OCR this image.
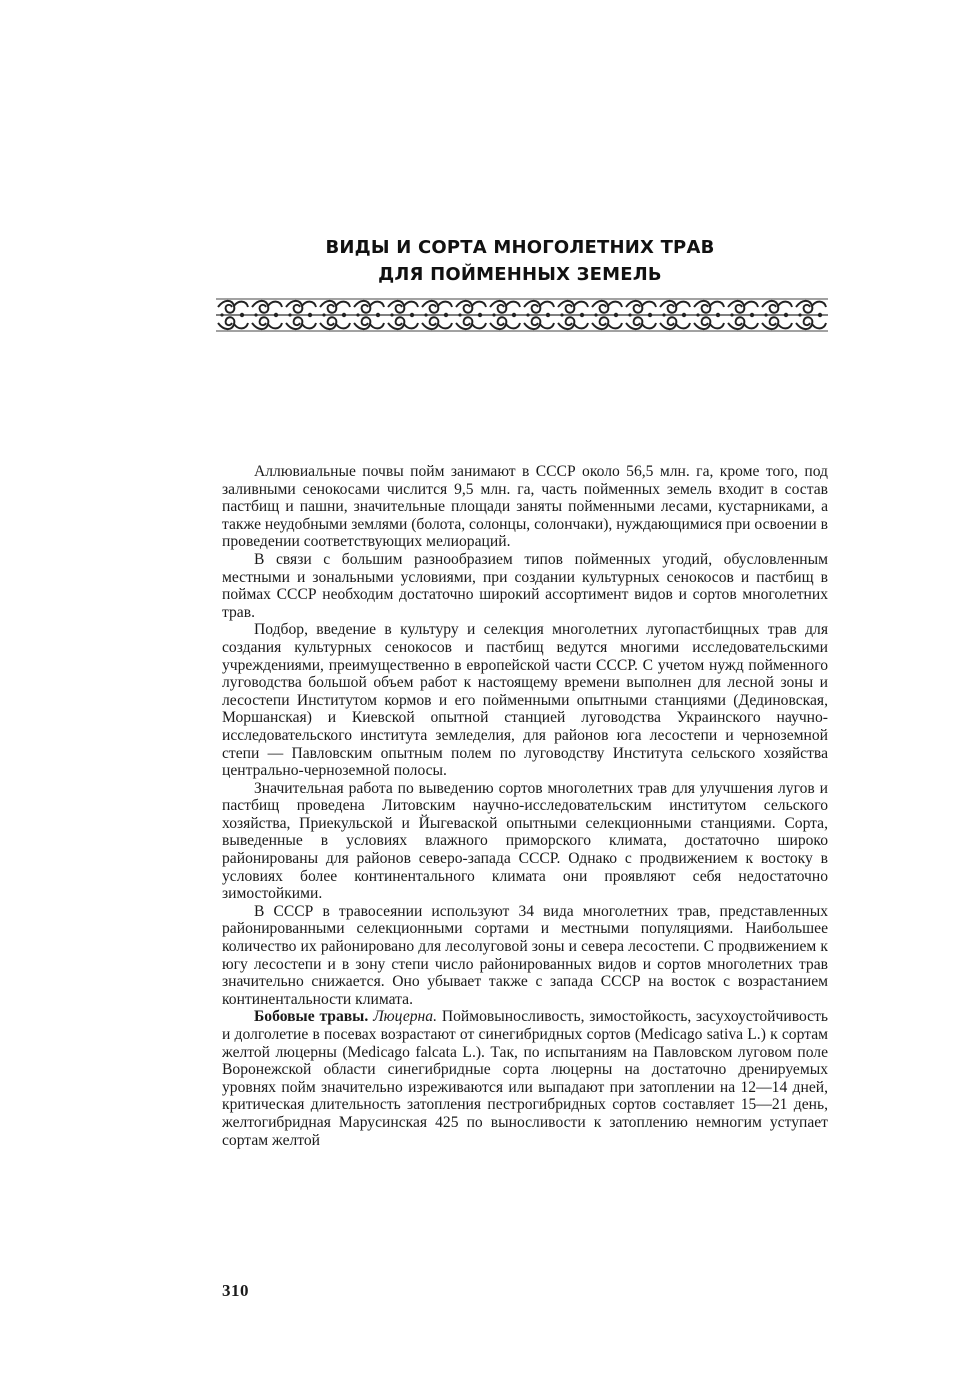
ВИДЫ И СОРТА МНОГОЛЕТНИХ ТРАВ
ДЛЯ ПОЙМЕННЫХ ЗЕМЕЛЬ

Аллювиальные почвы пойм занимают в СССР около 56,5 млн. га, кроме того, под заливными сенокосами числится 9,5 млн. га, часть пойменных земель входит в состав пастбищ и пашни, значительные площади заняты пойменными лесами, кустарниками, а также неудобными землями (болота, солонцы, солончаки), нуждающимися при освоении в проведении соответствующих мелиораций.

В связи с большим разнообразием типов пойменных угодий, обусловленным местными и зональными условиями, при создании культурных сенокосов и пастбищ в поймах СССР необходим достаточно широкий ассортимент видов и сортов многолетних трав.

Подбор, введение в культуру и селекция многолетних лугопастбищных трав для создания культурных сенокосов и пастбищ ведутся многими исследовательскими учреждениями, преимущественно в европейской части СССР. С учетом нужд пойменного луговодства большой объем работ к настоящему времени выполнен для лесной зоны и лесостепи Институтом кормов и его пойменными опытными станциями (Дединовская, Моршанская) и Киевской опытной станцией луговодства Украинского научно-исследовательского института земледелия, для районов юга лесостепи и черноземной степи — Павловским опытным полем по луговодству Института сельского хозяйства центрально-черноземной полосы.

Значительная работа по выведению сортов многолетних трав для улучшения лугов и пастбищ проведена Литовским научно-исследовательским институтом сельского хозяйства, Приекульской и Йыгеваской опытными селекционными станциями. Сорта, выведенные в условиях влажного приморского климата, достаточно широко районированы для районов северо-запада СССР. Однако с продвижением к востоку в условиях более континентального климата они проявляют себя недостаточно зимостойкими.

В СССР в травосеянии используют 34 вида многолетних трав, представленных районированными селекционными сортами и местными популяциями. Наибольшее количество их районировано для лесолуговой зоны и севера лесостепи. С продвижением к югу лесостепи и в зону степи число районированных видов и сортов многолетних трав значительно снижается. Оно убывает также с запада СССР на восток с возрастанием континентальности климата.

Бобовые травы. Люцерна. Поймовыносливость, зимостойкость, засухоустойчивость и долголетие в посевах возрастают от синегибридных сортов (Medicago sativa L.) к сортам желтой люцерны (Medicago falcata L.). Так, по испытаниям на Павловском луговом поле Воронежской области синегибридные сорта люцерны на достаточно дренируемых уровнях пойм значительно изреживаются или выпадают при затоплении на 12—14 дней, критическая длительность затопления пестрогибридных сортов составляет 15—21 день, желтогибридная Марусинская 425 по выносливости к затоплению немногим уступает сортам желтой

310
